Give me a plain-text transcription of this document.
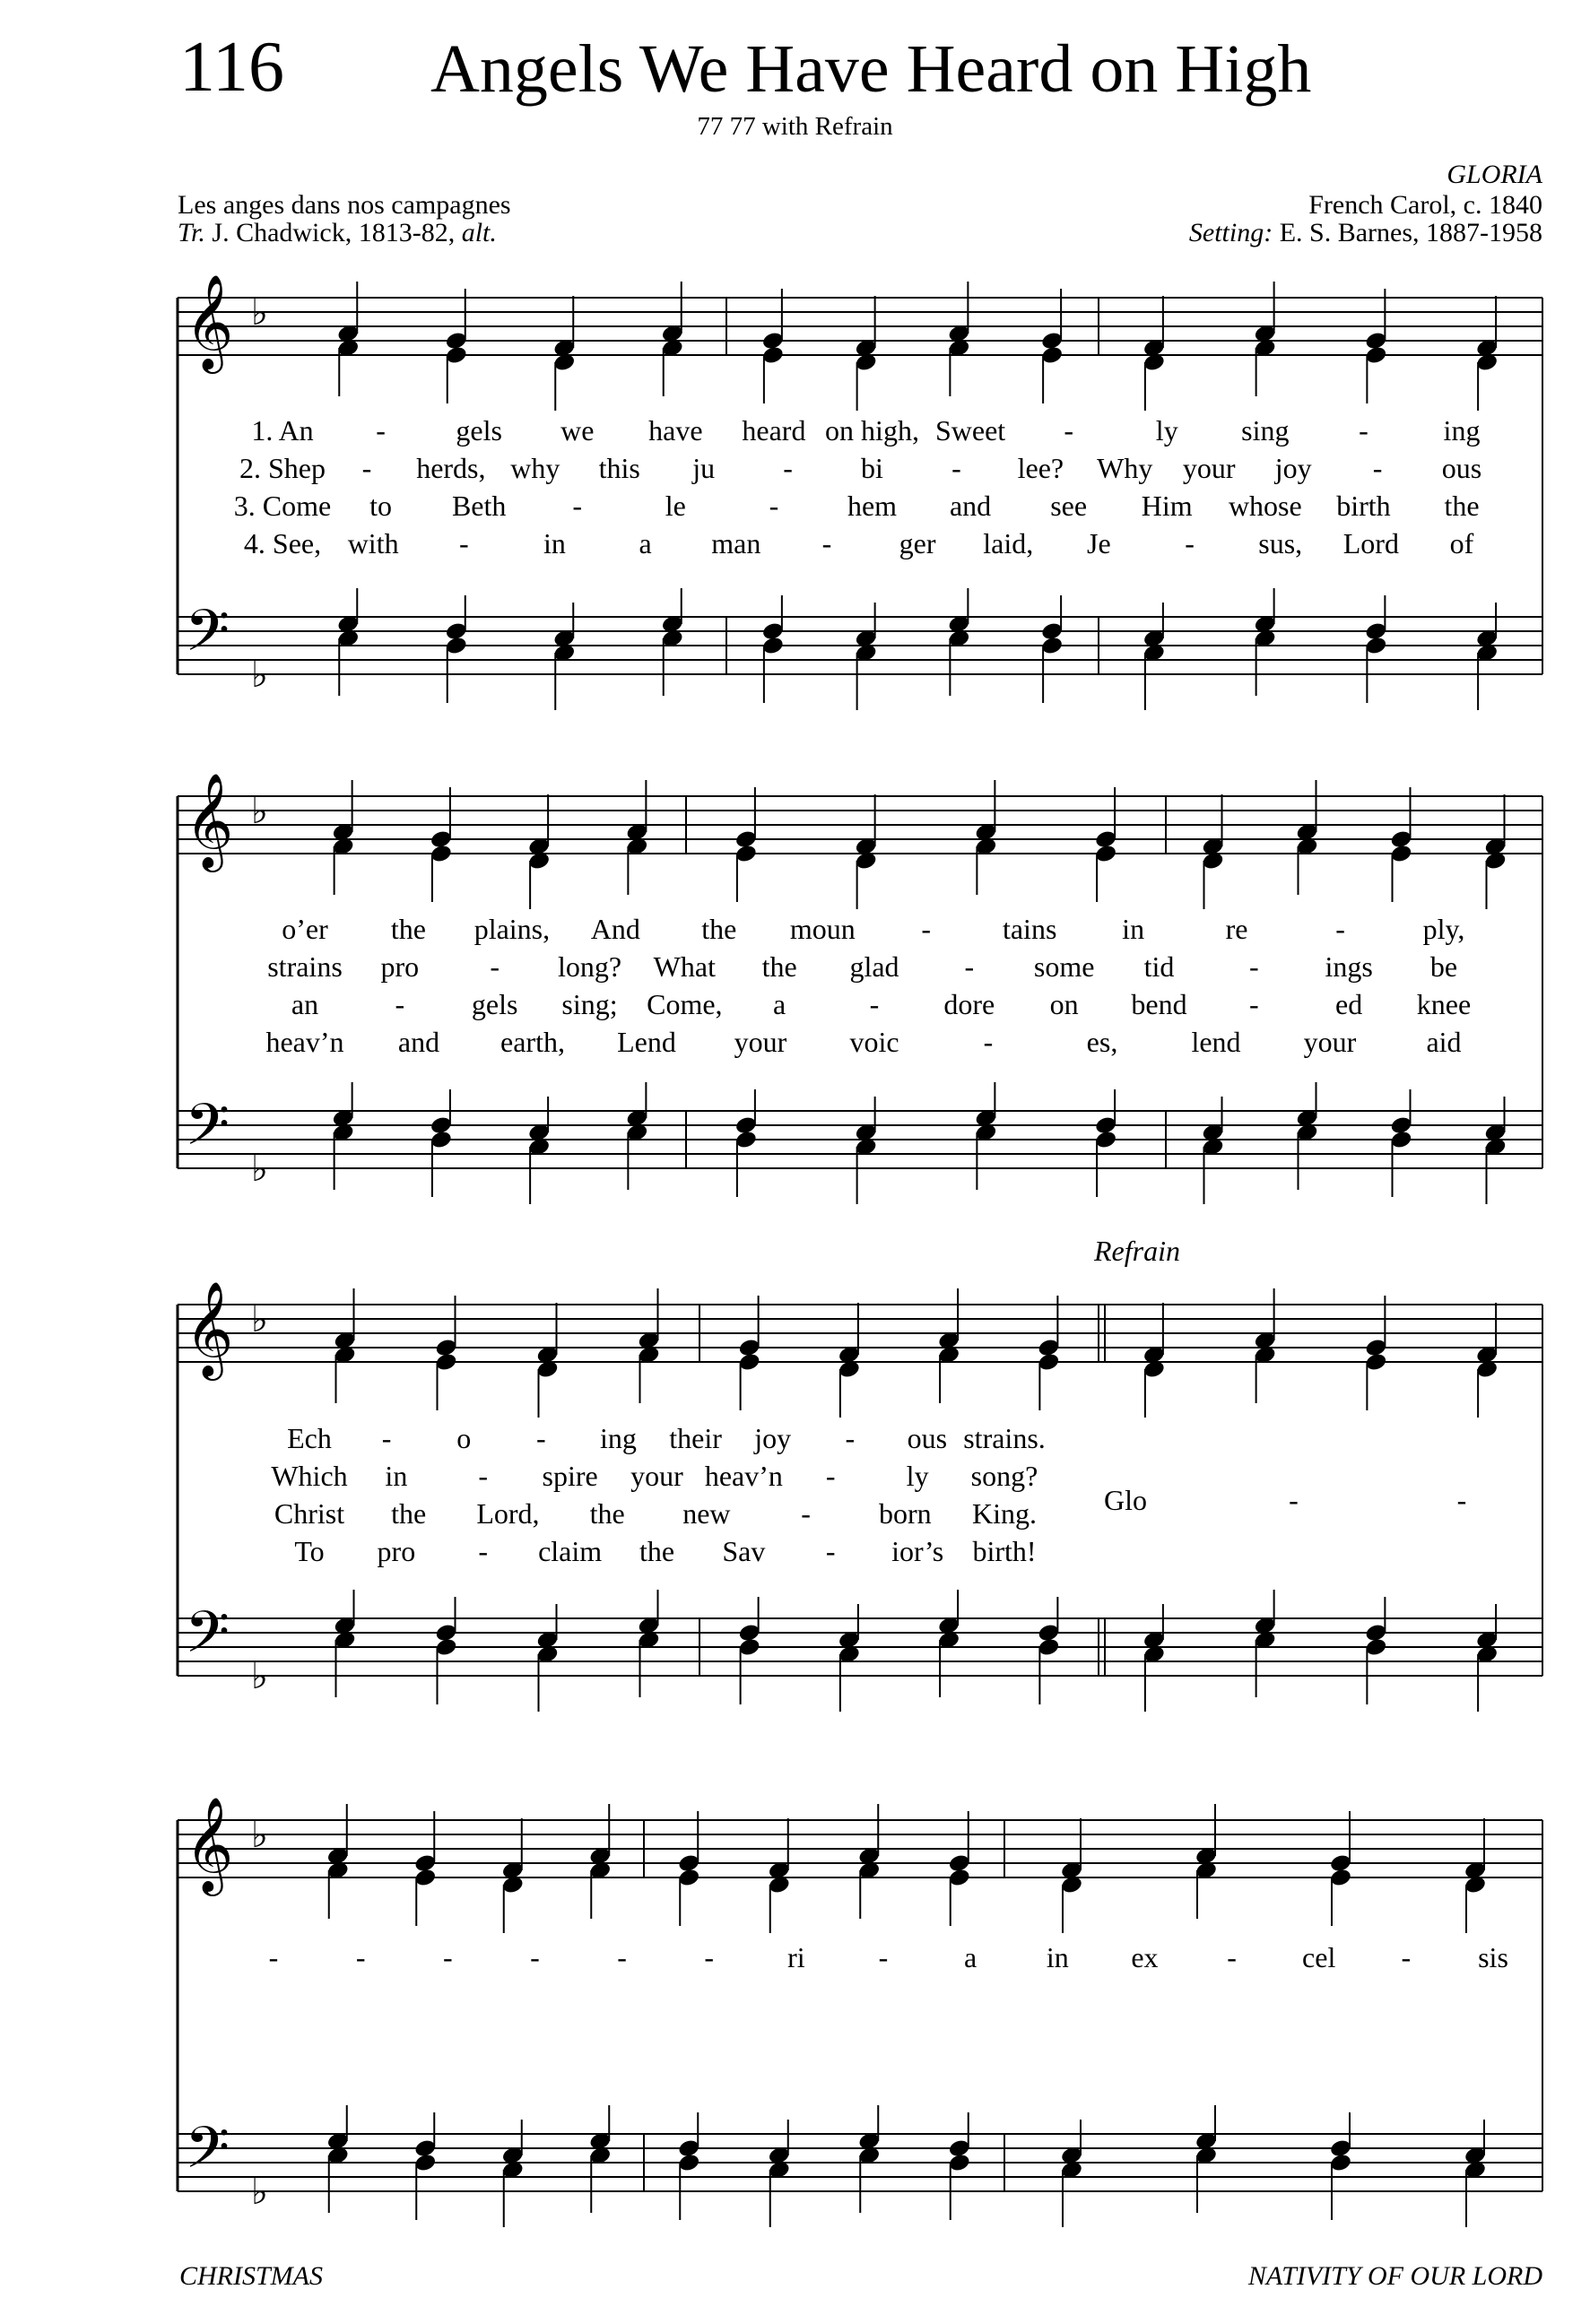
116 Angels We Have Heard on High
77 77 with Refrain
GLORIA
Les anges dans nos campagnes	French Carol, c. 1840
Tr. J. Chadwick, 1813-82, alt.	Setting: E. S. Barnes, 1887-1958
𝄞
𝄢
♭
♭
𝄞
𝄢
♭
♭
𝄞
𝄢
♭
♭
𝄞
𝄢
♭
♭
Refrain
1. An - gels we have heard on high, Sweet -	ly sing -	ing
2. Shep - herds, why this ju - bi - lee? Why your joy - ous
3. Come to Beth -	le	- hem and see Him whose birth the
4. See, with -	in	a man - ger laid, Je	- sus, Lord of
o’er the plains, And the moun - tains in	re	-	ply,
strains pro - long? What the glad - some tid	- ings be
an	- gels sing; Come, a	- dore on bend -	ed knee
heav’n and earth, Lend your voic	-	es,	lend your aid
Ech - o - ing their joy - ous strains.
Which in - spire your heav’n - ly song?
Christ the Lord, the new - born King.
To pro - claim the Sav - ior’s birth!
Glo	-	-
-	-	-	-	-	-	ri	-	a in ex - cel - sis
CHRISTMAS	NATIVITY OF OUR LORD
